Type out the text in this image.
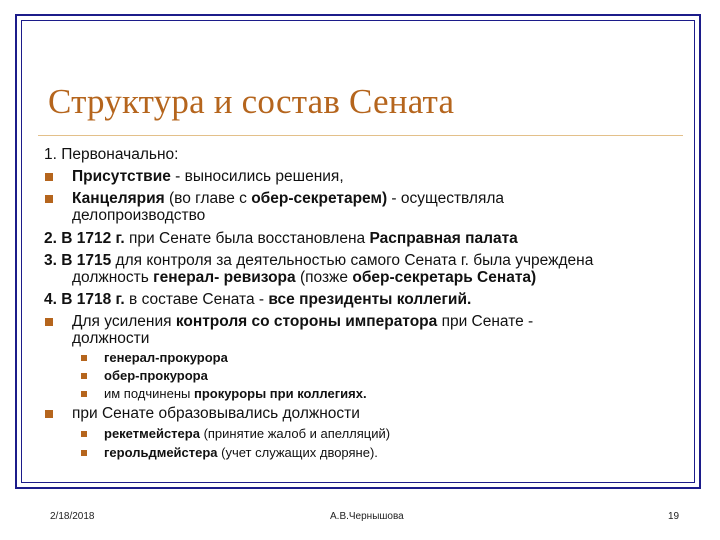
Структура и состав Сената
1. Первоначально:
Присутствие - выносились решения,
Канцелярия (во главе с обер-секретарем) - осуществляла
делопроизводство
2. В 1712 г. при Сенате была восстановлена Расправная палата
3. В 1715 для контроля за деятельностью самого Сената г. была учреждена
должность генерал- ревизора (позже обер-секретарь Сената)
4. В 1718 г. в составе Сената - все президенты коллегий.
Для усиления контроля со стороны императора при Сенате -
должности
генерал-прокурора
обер-прокурора
им подчинены прокуроры при коллегиях.
при Сенате образовывались должности
рекетмейстера (принятие жалоб и апелляций)
герольдмейстера (учет служащих дворяне).
2/18/2018	А.В.Чернышова	19
